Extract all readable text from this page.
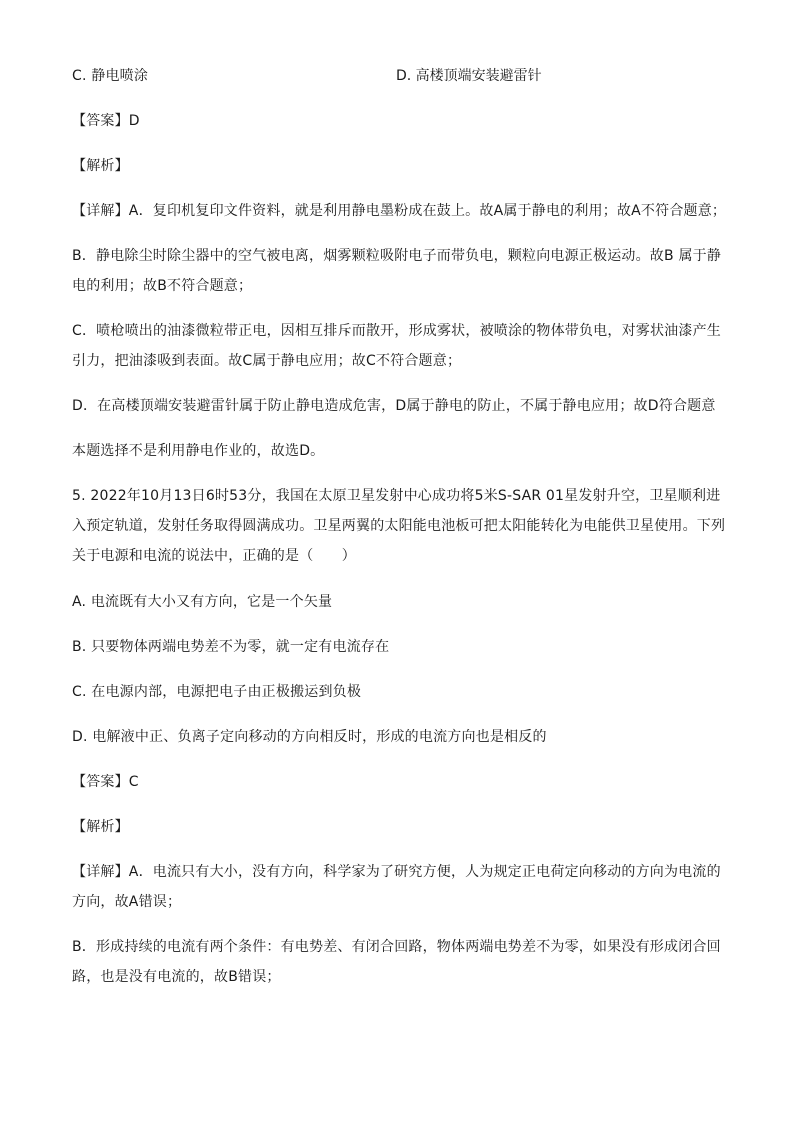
C. 静电喷涂	D. 高楼顶端安装避雷针
【答案】D
【解析】
【详解】A．复印机复印文件资料，就是利用静电墨粉成在鼓上。故A属于静电的利用；故A不符合题意；
B．静电除尘时除尘器中的空气被电离，烟雾颗粒吸附电子而带负电，颗粒向电源正极运动。故B 属于静
电的利用；故B不符合题意；
C．喷枪喷出的油漆微粒带正电，因相互排斥而散开，形成雾状，被喷涂的物体带负电，对雾状油漆产生
引力，把油漆吸到表面。故C属于静电应用；故C不符合题意；
D．在高楼顶端安装避雷针属于防止静电造成危害，D属于静电的防止，不属于静电应用；故D符合题意
本题选择不是利用静电作业的，故选D。
5. 2022年10月13日6时53分，我国在太原卫星发射中心成功将5米S-SAR 01星发射升空，卫星顺利进
入预定轨道，发射任务取得圆满成功。卫星两翼的太阳能电池板可把太阳能转化为电能供卫星使用。下列
关于电源和电流的说法中，正确的是（　　）
A. 电流既有大小又有方向，它是一个矢量
B. 只要物体两端电势差不为零，就一定有电流存在
C. 在电源内部，电源把电子由正极搬运到负极
D. 电解液中正、负离子定向移动的方向相反时，形成的电流方向也是相反的
【答案】C
【解析】
【详解】A．电流只有大小，没有方向，科学家为了研究方便，人为规定正电荷定向移动的方向为电流的
方向，故A错误；
B．形成持续的电流有两个条件：有电势差、有闭合回路，物体两端电势差不为零，如果没有形成闭合回
路，也是没有电流的，故B错误；
